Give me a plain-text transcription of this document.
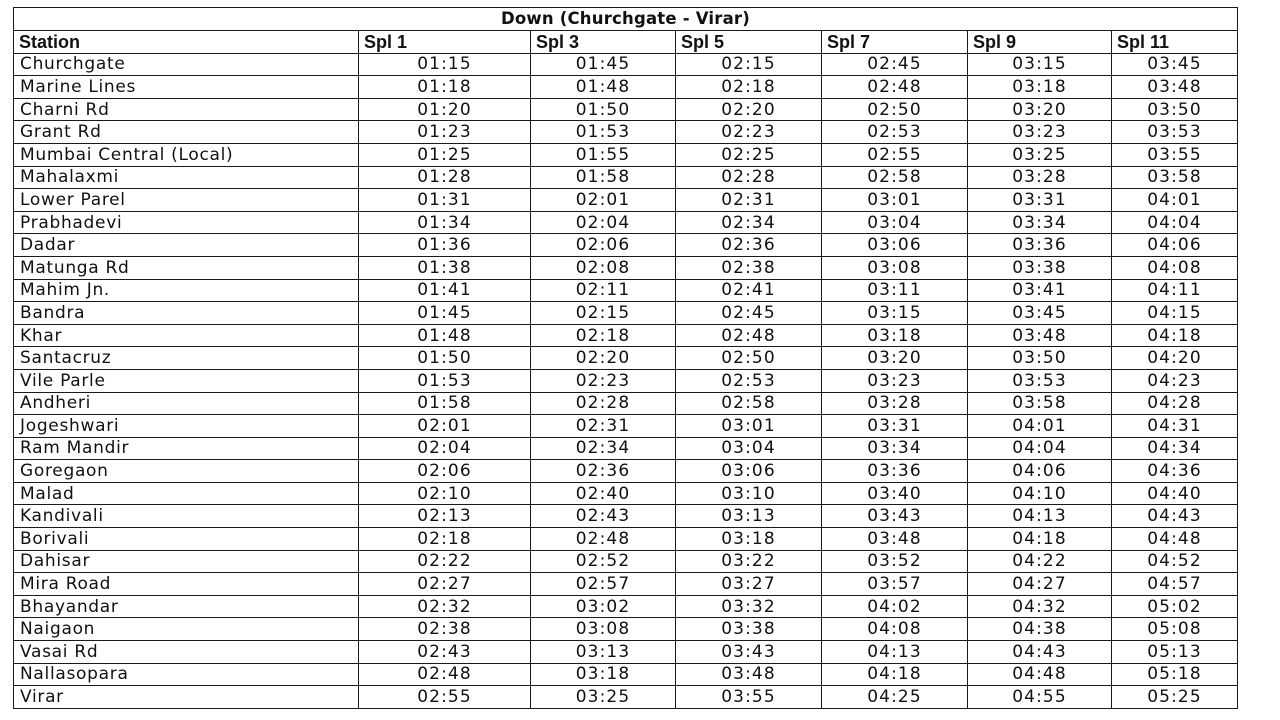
Down (Churchgate - Virar)						
Station	Spl 1	Spl 3	Spl 5	Spl 7	Spl 9	Spl 11
Churchgate	01:15	01:45	02:15	02:45	03:15	03:45
Marine Lines	01:18	01:48	02:18	02:48	03:18	03:48
Charni Rd	01:20	01:50	02:20	02:50	03:20	03:50
Grant Rd	01:23	01:53	02:23	02:53	03:23	03:53
Mumbai Central (Local)	01:25	01:55	02:25	02:55	03:25	03:55
Mahalaxmi	01:28	01:58	02:28	02:58	03:28	03:58
Lower Parel	01:31	02:01	02:31	03:01	03:31	04:01
Prabhadevi	01:34	02:04	02:34	03:04	03:34	04:04
Dadar	01:36	02:06	02:36	03:06	03:36	04:06
Matunga Rd	01:38	02:08	02:38	03:08	03:38	04:08
Mahim Jn.	01:41	02:11	02:41	03:11	03:41	04:11
Bandra	01:45	02:15	02:45	03:15	03:45	04:15
Khar	01:48	02:18	02:48	03:18	03:48	04:18
Santacruz	01:50	02:20	02:50	03:20	03:50	04:20
Vile Parle	01:53	02:23	02:53	03:23	03:53	04:23
Andheri	01:58	02:28	02:58	03:28	03:58	04:28
Jogeshwari	02:01	02:31	03:01	03:31	04:01	04:31
Ram Mandir	02:04	02:34	03:04	03:34	04:04	04:34
Goregaon	02:06	02:36	03:06	03:36	04:06	04:36
Malad	02:10	02:40	03:10	03:40	04:10	04:40
Kandivali	02:13	02:43	03:13	03:43	04:13	04:43
Borivali	02:18	02:48	03:18	03:48	04:18	04:48
Dahisar	02:22	02:52	03:22	03:52	04:22	04:52
Mira Road	02:27	02:57	03:27	03:57	04:27	04:57
Bhayandar	02:32	03:02	03:32	04:02	04:32	05:02
Naigaon	02:38	03:08	03:38	04:08	04:38	05:08
Vasai Rd	02:43	03:13	03:43	04:13	04:43	05:13
Nallasopara	02:48	03:18	03:48	04:18	04:48	05:18
Virar	02:55	03:25	03:55	04:25	04:55	05:25
